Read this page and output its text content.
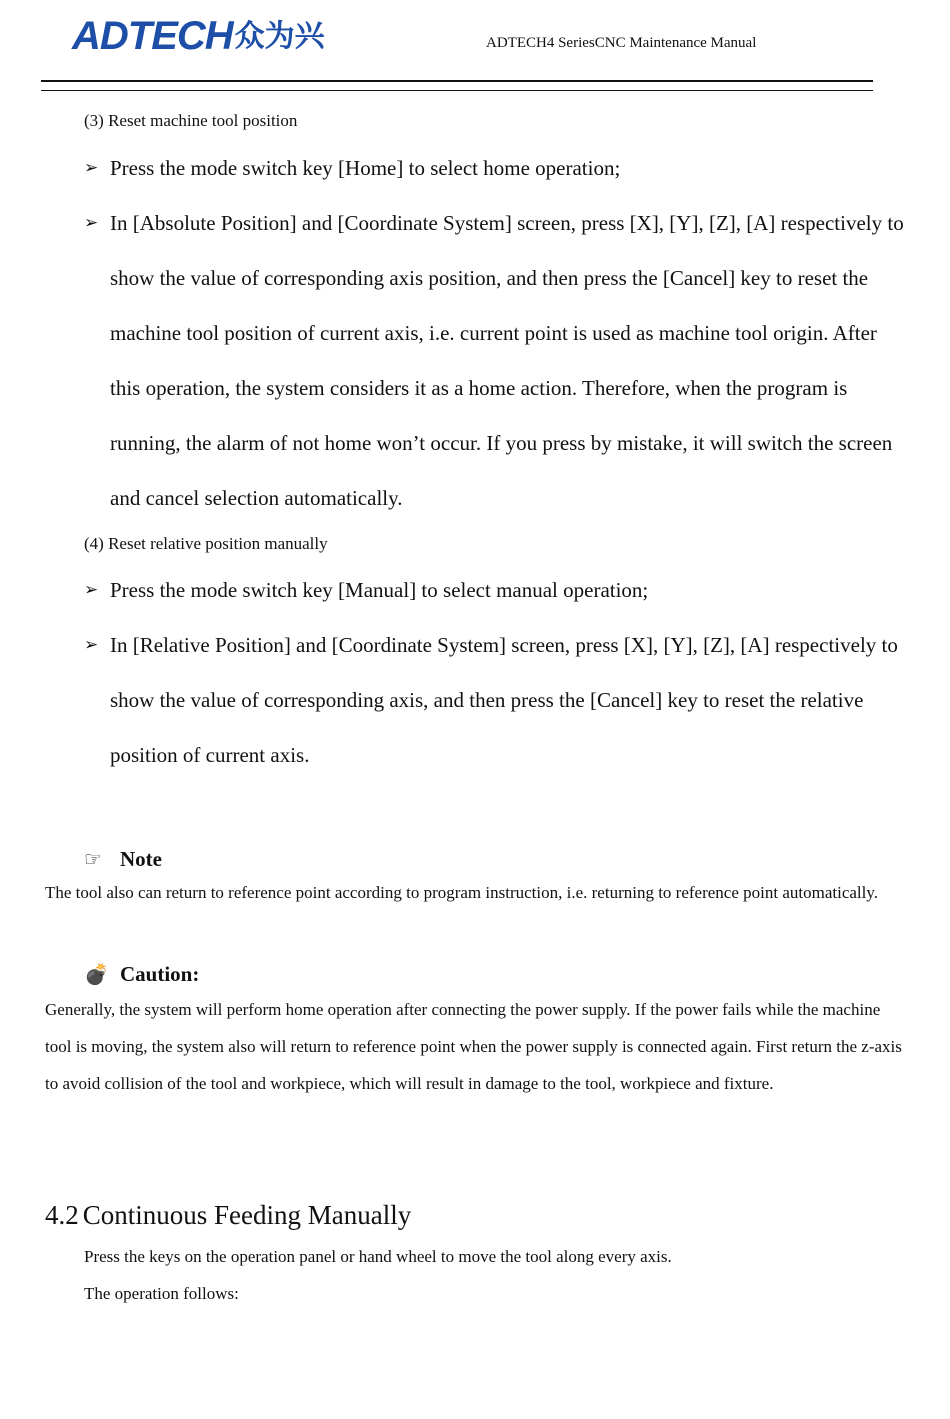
ADTECH众为兴	ADTECH4 SeriesCNC Maintenance Manual
(3) Reset machine tool position
➢ Press the mode switch key [Home] to select home operation;
➢ In [Absolute Position] and [Coordinate System] screen, press [X], [Y], [Z], [A] respectively to show the value of corresponding axis position, and then press the [Cancel] key to reset the machine tool position of current axis, i.e. current point is used as machine tool origin. After this operation, the system considers it as a home action. Therefore, when the program is running, the alarm of not home won’t occur. If you press by mistake, it will switch the screen and cancel selection automatically.
(4) Reset relative position manually
➢ Press the mode switch key [Manual] to select manual operation;
➢ In [Relative Position] and [Coordinate System] screen, press [X], [Y], [Z], [A] respectively to show the value of corresponding axis, and then press the [Cancel] key to reset the relative position of current axis.
☞ Note
The tool also can return to reference point according to program instruction, i.e. returning to reference point automatically.
💣 Caution:
Generally, the system will perform home operation after connecting the power supply. If the power fails while the machine tool is moving, the system also will return to reference point when the power supply is connected again. First return the z-axis to avoid collision of the tool and workpiece, which will result in damage to the tool, workpiece and fixture.
4.2 Continuous Feeding Manually
Press the keys on the operation panel or hand wheel to move the tool along every axis.
The operation follows:
